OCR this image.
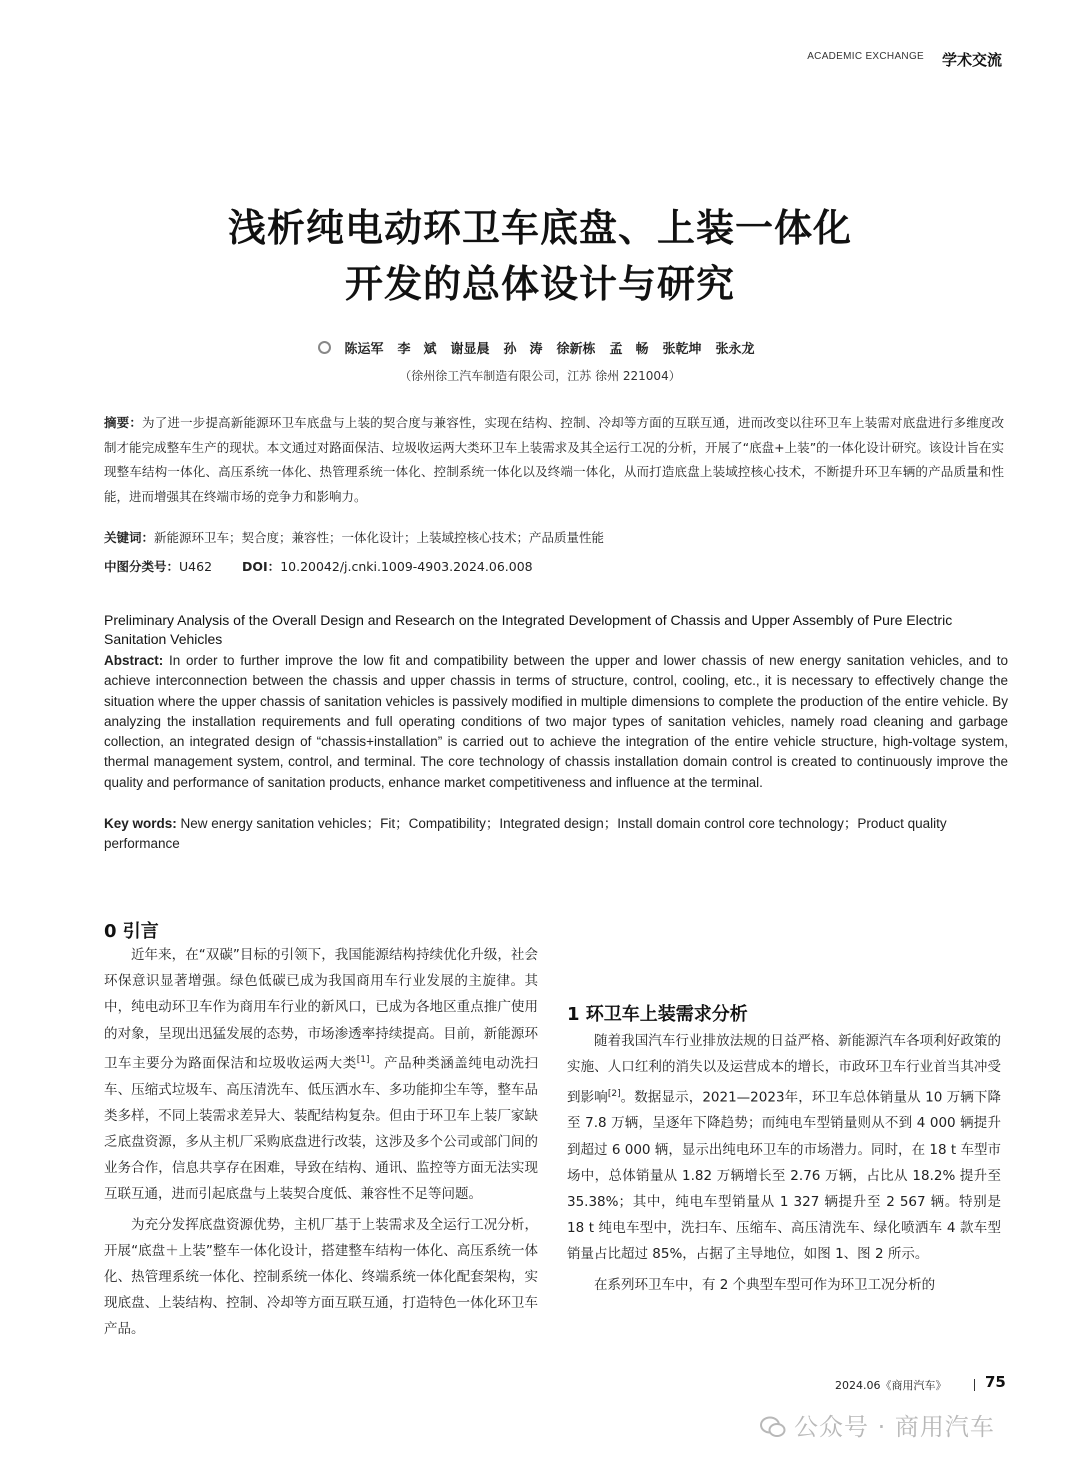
ACADEMIC EXCHANGE 学术交流
浅析纯电动环卫车底盘、上装一体化
开发的总体设计与研究
陈运军 李　斌 谢显晨 孙　涛 徐新栋 孟　畅 张乾坤 张永龙
（徐州徐工汽车制造有限公司，江苏 徐州 221004）
摘要：为了进一步提高新能源环卫车底盘与上装的契合度与兼容性，实现在结构、控制、冷却等方面的互联互通，进而改变以往环卫车上装需对底盘进行多维度改制才能完成整车生产的现状。本文通过对路面保洁、垃圾收运两大类环卫车上装需求及其全运行工况的分析，开展了“底盘+上装”的一体化设计研究。该设计旨在实现整车结构一体化、高压系统一体化、热管理系统一体化、控制系统一体化以及终端一体化，从而打造底盘上装域控核心技术，不断提升环卫车辆的产品质量和性能，进而增强其在终端市场的竞争力和影响力。
关键词：新能源环卫车；契合度；兼容性；一体化设计；上装域控核心技术；产品质量性能
中图分类号：U462 DOI：10.20042/j.cnki.1009-4903.2024.06.008
Preliminary Analysis of the Overall Design and Research on the Integrated Development of Chassis and Upper Assembly of Pure Electric Sanitation Vehicles
Abstract: In order to further improve the low fit and compatibility between the upper and lower chassis of new energy sanitation vehicles, and to achieve interconnection between the chassis and upper chassis in terms of structure, control, cooling, etc., it is necessary to effectively change the situation where the upper chassis of sanitation vehicles is passively modified in multiple dimensions to complete the production of the entire vehicle. By analyzing the installation requirements and full operating conditions of two major types of sanitation vehicles, namely road cleaning and garbage collection, an integrated design of “chassis+installation” is carried out to achieve the integration of the entire vehicle structure, high-voltage system, thermal management system, control, and terminal. The core technology of chassis installation domain control is created to continuously improve the quality and performance of sanitation products, enhance market competitiveness and influence at the terminal.
Key words: New energy sanitation vehicles；Fit；Compatibility；Integrated design；Install domain control core technology；Product quality performance
0 引言

近年来，在“双碳”目标的引领下，我国能源结构持续优化升级，社会环保意识显著增强。绿色低碳已成为我国商用车行业发展的主旋律。其中，纯电动环卫车作为商用车行业的新风口，已成为各地区重点推广使用的对象，呈现出迅猛发展的态势，市场渗透率持续提高。目前，新能源环卫车主要分为路面保洁和垃圾收运两大类[1]。产品种类涵盖纯电动洗扫车、压缩式垃圾车、高压清洗车、低压洒水车、多功能抑尘车等，整车品类多样，不同上装需求差异大、装配结构复杂。但由于环卫车上装厂家缺乏底盘资源，多从主机厂采购底盘进行改装，这涉及多个公司或部门间的业务合作，信息共享存在困难，导致在结构、通讯、监控等方面无法实现互联互通，进而引起底盘与上装契合度低、兼容性不足等问题。

为充分发挥底盘资源优势，主机厂基于上装需求及全运行工况分析，开展“底盘＋上装”整车一体化设计，搭建整车结构一体化、高压系统一体化、热管理系统一体化、控制系统一体化、终端系统一体化配套架构，实现底盘、上装结构、控制、冷却等方面互联互通，打造特色一体化环卫车产品。

1 环卫车上装需求分析

随着我国汽车行业排放法规的日益严格、新能源汽车各项利好政策的实施、人口红利的消失以及运营成本的增长，市政环卫车行业首当其冲受到影响[2]。数据显示，2021—2023年，环卫车总体销量从 10 万辆下降至 7.8 万辆，呈逐年下降趋势；而纯电车型销量则从不到 4 000 辆提升到超过 6 000 辆，显示出纯电环卫车的市场潜力。同时，在 18 t 车型市场中，总体销量从 1.82 万辆增长至 2.76 万辆，占比从 18.2% 提升至 35.38%；其中，纯电车型销量从 1 327 辆提升至 2 567 辆。特别是 18 t 纯电车型中，洗扫车、压缩车、高压清洗车、绿化喷洒车 4 款车型销量占比超过 85%，占据了主导地位，如图 1、图 2 所示。

在系列环卫车中，有 2 个典型车型可作为环卫工况分析的

2024.06《商用汽车》	75
公众号 · 商用汽车
